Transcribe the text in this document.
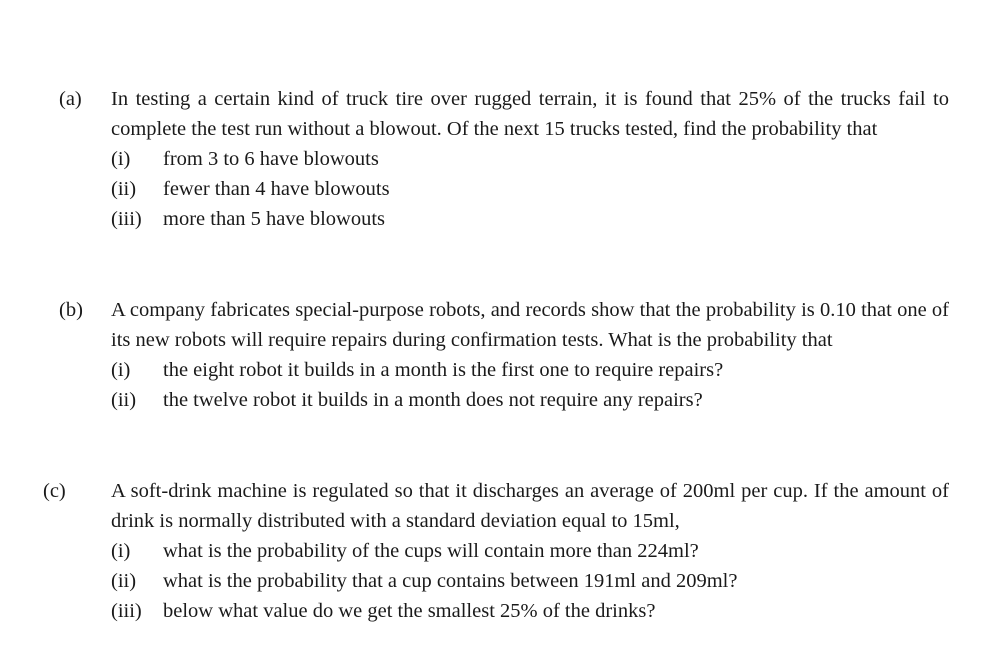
(a) In testing a certain kind of truck tire over rugged terrain, it is found that 25% of the trucks fail to complete the test run without a blowout. Of the next 15 trucks tested, find the probability that

(i) from 3 to 6 have blowouts
(ii) fewer than 4 have blowouts
(iii) more than 5 have blowouts
(b) A company fabricates special-purpose robots, and records show that the probability is 0.10 that one of its new robots will require repairs during confirmation tests. What is the probability that

(i) the eight robot it builds in a month is the first one to require repairs?
(ii) the twelve robot it builds in a month does not require any repairs?
(c) A soft-drink machine is regulated so that it discharges an average of 200ml per cup. If the amount of drink is normally distributed with a standard deviation equal to 15ml,

(i) what is the probability of the cups will contain more than 224ml?
(ii) what is the probability that a cup contains between 191ml and 209ml?
(iii) below what value do we get the smallest 25% of the drinks?
